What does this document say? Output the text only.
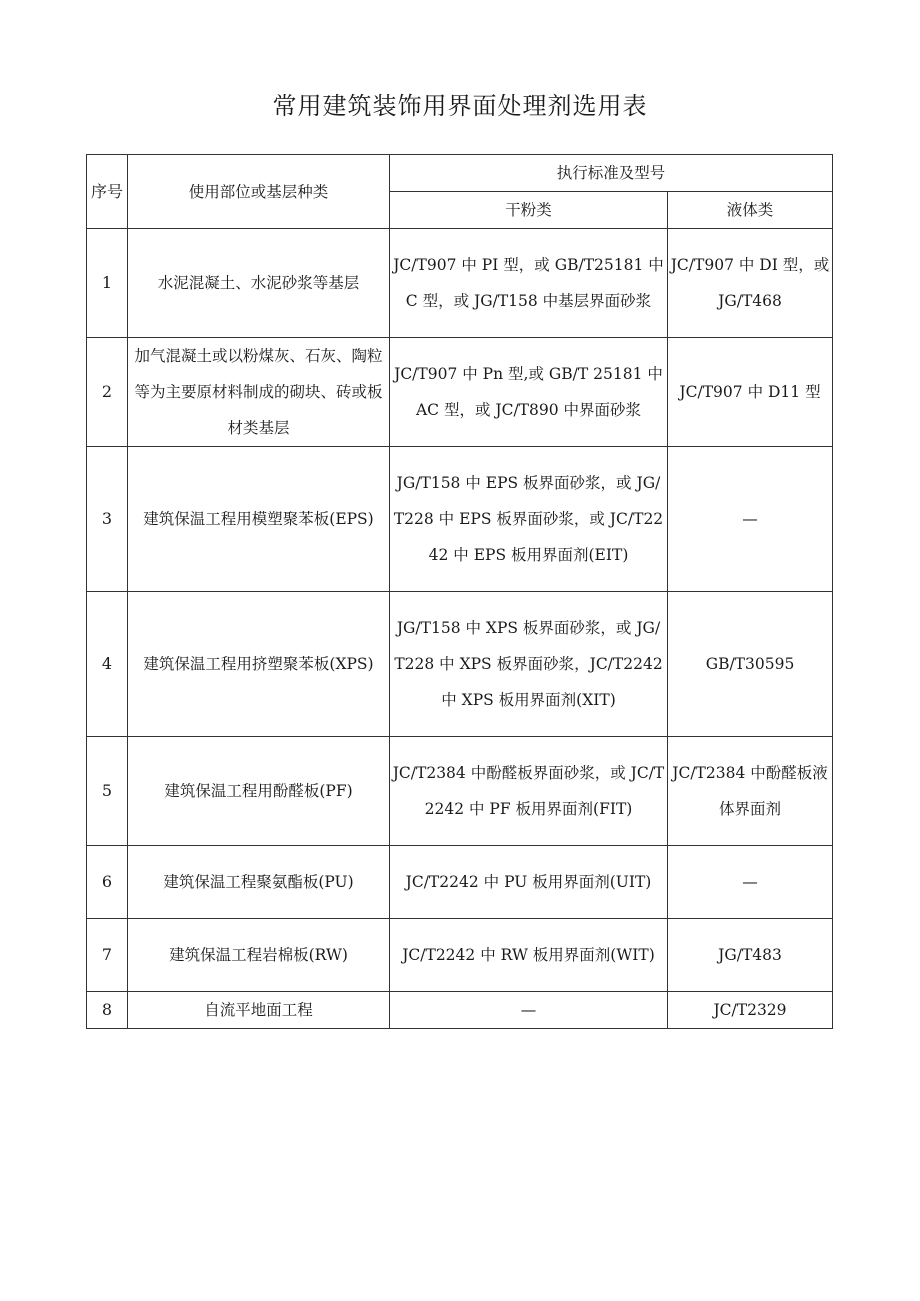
常用建筑装饰用界面处理剂选用表
序号	使用部位或基层种类	执行标准及型号	
		干粉类	液体类
1	水泥混凝土、水泥砂浆等基层	JC/T907 中 PI 型，或 GB/T25181 中 C 型，或 JG/T158 中基层界面砂浆	JC/T907 中 DI 型，或 JG/T468
2	加气混凝土或以粉煤灰、石灰、陶粒等为主要原材料制成的砌块、砖或板材类基层	JC/T907 中 Pn 型,或 GB/T 25181 中 AC 型，或 JC/T890 中界面砂浆	JC/T907 中 D11 型
3	建筑保温工程用模塑聚苯板(EPS)	JG/T158 中 EPS 板界面砂浆，或 JG/T228 中 EPS 板界面砂浆，或 JC/T2242 中 EPS 板用界面剂(EIT)	—
4	建筑保温工程用挤塑聚苯板(XPS)	JG/T158 中 XPS 板界面砂浆，或 JG/T228 中 XPS 板界面砂浆，JC/T2242 中 XPS 板用界面剂(XIT)	GB/T30595
5	建筑保温工程用酚醛板(PF)	JC/T2384 中酚醛板界面砂浆，或 JC/T2242 中 PF 板用界面剂(FIT)	JC/T2384 中酚醛板液体界面剂
6	建筑保温工程聚氨酯板(PU)	JC/T2242 中 PU 板用界面剂(UIT)	—
7	建筑保温工程岩棉板(RW)	JC/T2242 中 RW 板用界面剂(WIT)	JG/T483
8	自流平地面工程	—	JC/T2329
